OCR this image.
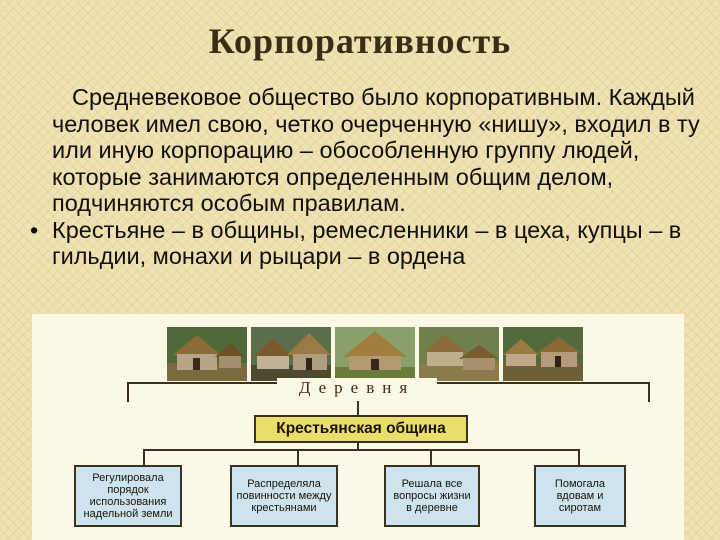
Корпоративность

Средневековое общество было корпоративным. Каждый человек имел свою, четко очерченную «нишу», входил в ту или иную корпорацию – обособленную группу людей, которые занимаются определенным общим делом, подчиняются особым правилам.

• Крестьяне – в общины, ремесленники – в цеха, купцы – в гильдии, монахи и рыцари – в ордена
Деревня
Крестьянская община
Регулировала порядок использования надельной земли
Распределяла повинности между крестьянами
Решала все вопросы жизни в деревне
Помогала вдовам и сиротам
